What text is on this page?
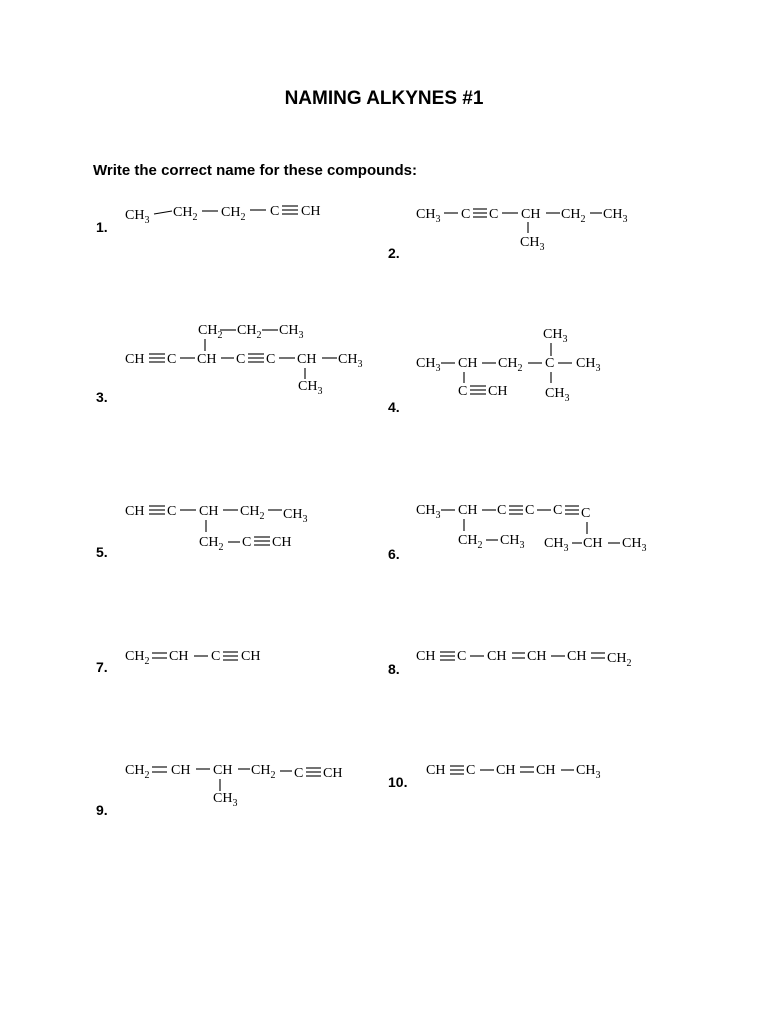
NAMING ALKYNES #1
Write the correct name for these compounds:
1.
2.
3.
4.
5.	6.
7.	8.
9.
10.
$CH_3$
$CH_2$ $CH_2$ C CH	$CH_3$ C C CH $CH_2$ $CH_3$
$CH_3$
$CH_2$ $CH_2$ $CH_3$
CH C CH C C CH $CH_3$
$CH_3$
$CH_3$
$CH_3$ CH $CH_2$ C $CH_3$
C CH	$CH_3$
CH C CH $CH_2$ $CH_3$
$CH_2$ C CH
$CH_3$ CH C C C C
$CH_2$ $CH_3$ $CH_3$ CH $CH_3$
$CH_2$ CH C CH	CH C CH CH CH $CH_2$
$CH_2$ CH CH $CH_2$ C CH
$CH_3$
CH C CH CH $CH_3$
